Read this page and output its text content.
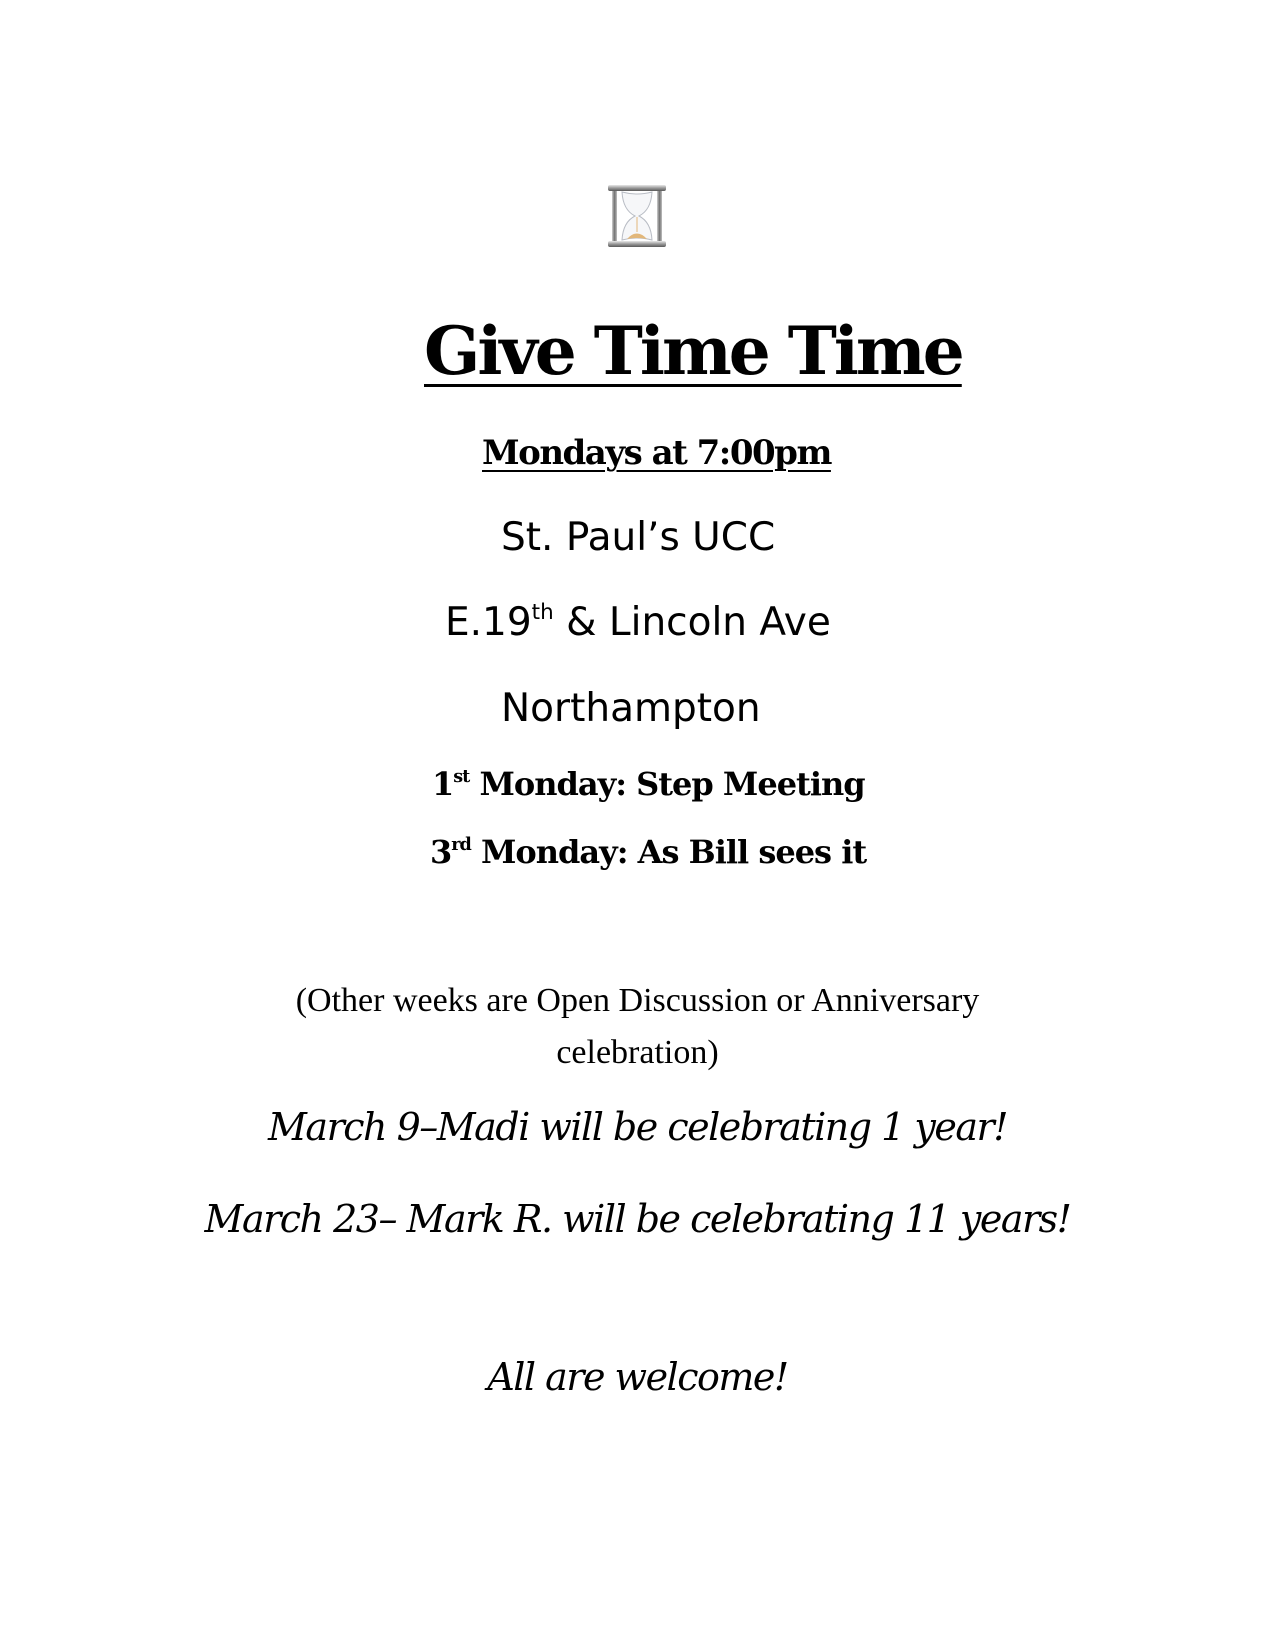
Give Time Time
Mondays at 7:00pm
St. Paul’s UCC
E.19th & Lincoln Ave
Northampton
1st Monday: Step Meeting
3rd Monday: As Bill sees it
(Other weeks are Open Discussion or Anniversary celebration)
March 9–Madi will be celebrating 1 year!
March 23– Mark R. will be celebrating 11 years!
All are welcome!
